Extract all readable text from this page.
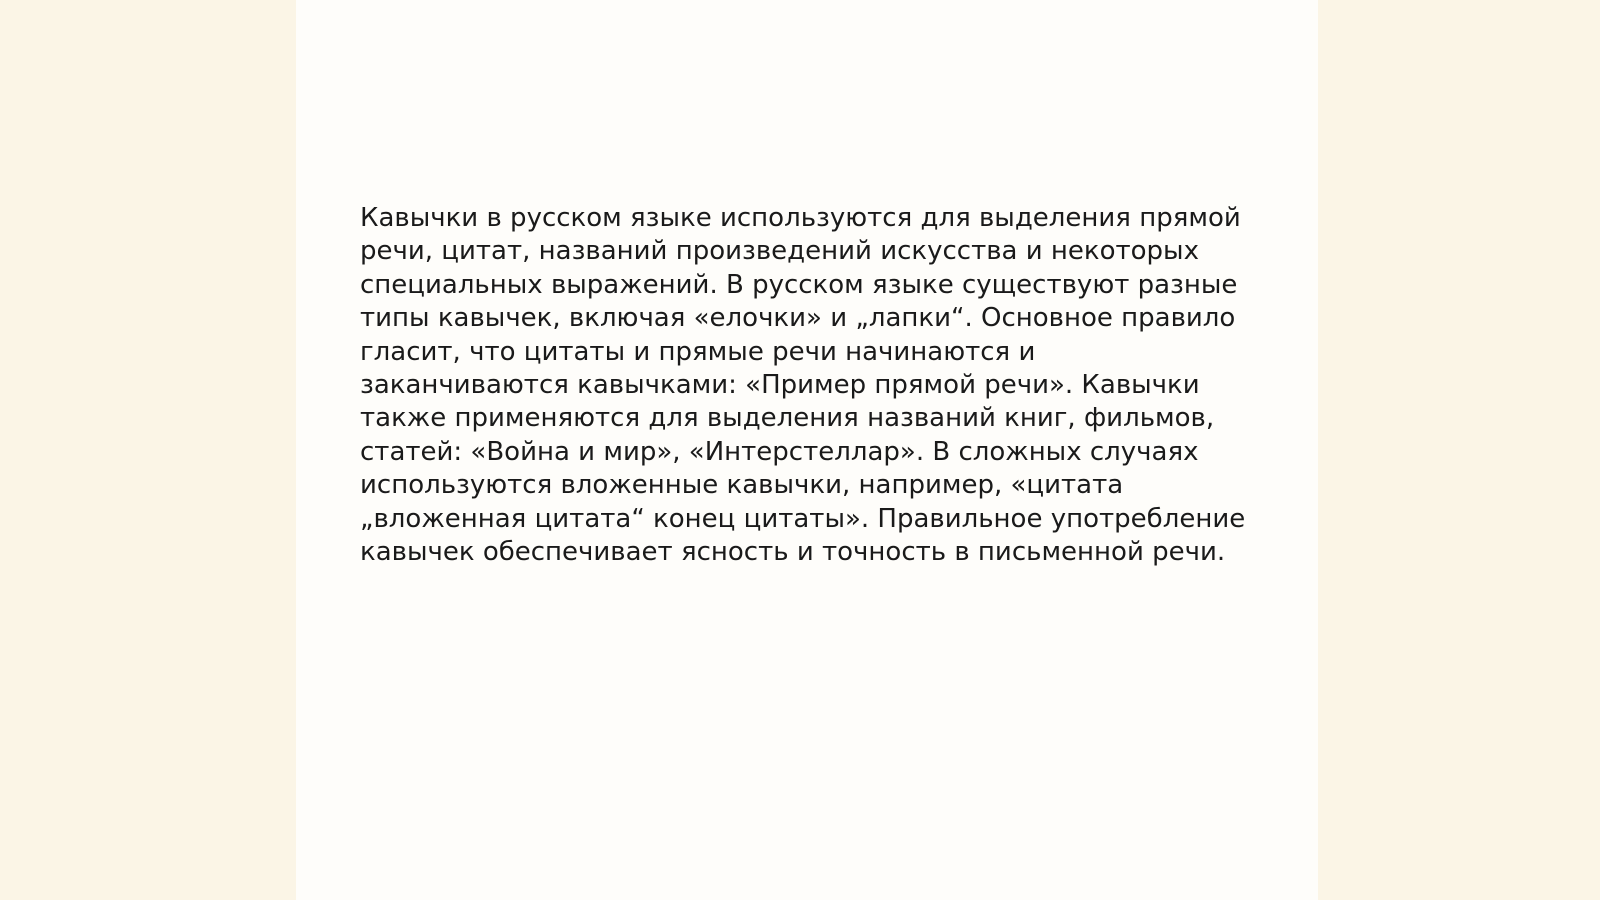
Кавычки в русском языке используются для выделения прямой
речи, цитат, названий произведений искусства и некоторых
специальных выражений. В русском языке существуют разные
типы кавычек, включая «елочки» и „лапки“. Основное правило
гласит, что цитаты и прямые речи начинаются и
заканчиваются кавычками: «Пример прямой речи». Кавычки
также применяются для выделения названий книг, фильмов,
статей: «Война и мир», «Интерстеллар». В сложных случаях
используются вложенные кавычки, например, «цитата
„вложенная цитата“ конец цитаты». Правильное употребление
кавычек обеспечивает ясность и точность в письменной речи.
